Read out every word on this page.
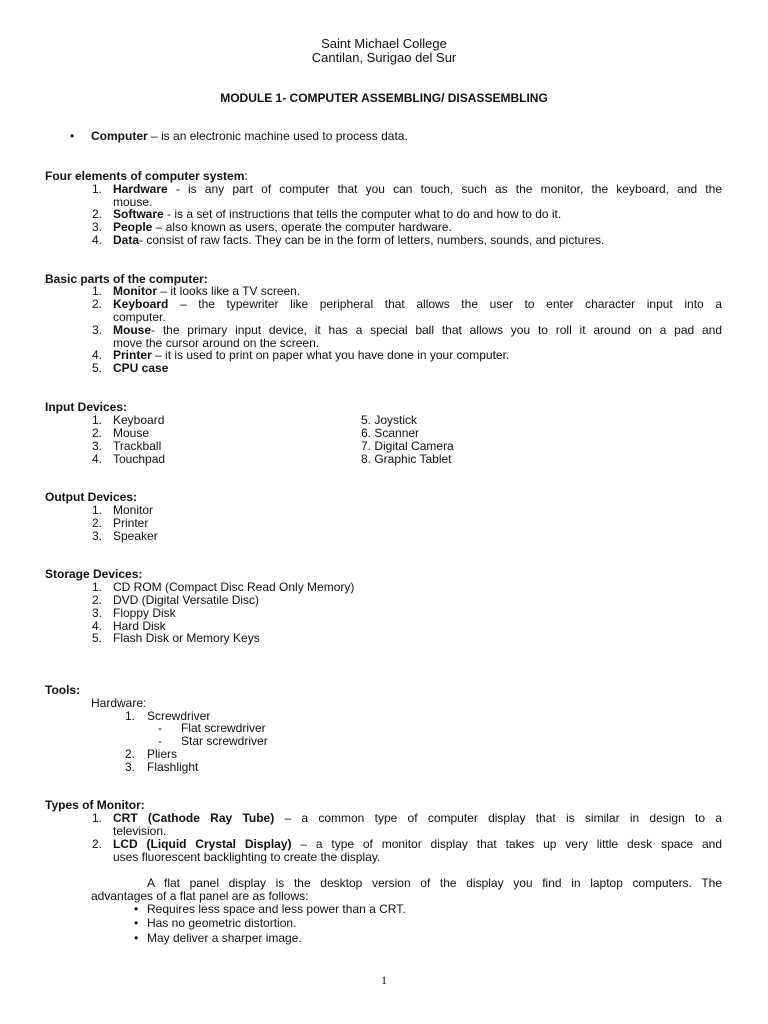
Saint Michael College
Cantilan, Surigao del Sur
MODULE 1- COMPUTER ASSEMBLING/ DISASSEMBLING
• Computer – is an electronic machine used to process data.
Four elements of computer system:
1. Hardware - is any part of computer that you can touch, such as the monitor, the keyboard, and the
mouse.
2. Software - is a set of instructions that tells the computer what to do and how to do it.
3. People – also known as users, operate the computer hardware.
4. Data- consist of raw facts. They can be in the form of letters, numbers, sounds, and pictures.
Basic parts of the computer:
1. Monitor – it looks like a TV screen.
2. Keyboard – the typewriter like peripheral that allows the user to enter character input into a
computer.
3. Mouse- the primary input device, it has a special ball that allows you to roll it around on a pad and
move the cursor around on the screen.
4. Printer – it is used to print on paper what you have done in your computer.
5. CPU case
Input Devices:
1. Keyboard
2. Mouse
3. Trackball
4. Touchpad
5. Joystick
6. Scanner
7. Digital Camera
8. Graphic Tablet
Output Devices:
1. Monitor
2. Printer
3. Speaker
Storage Devices:
1. CD ROM (Compact Disc Read Only Memory)
2. DVD (Digital Versatile Disc)
3. Floppy Disk
4. Hard Disk
5. Flash Disk or Memory Keys
Tools:
Hardware:
1. Screwdriver
- Flat screwdriver
- Star screwdriver
2. Pliers
3. Flashlight
Types of Monitor:
1. CRT (Cathode Ray Tube) – a common type of computer display that is similar in design to a
television.
2. LCD (Liquid Crystal Display) – a type of monitor display that takes up very little desk space and
uses fluorescent backlighting to create the display.
A flat panel display is the desktop version of the display you find in laptop computers. The
advantages of a flat panel are as follows:
• Requires less space and less power than a CRT.
• Has no geometric distortion.
• May deliver a sharper image.
1
